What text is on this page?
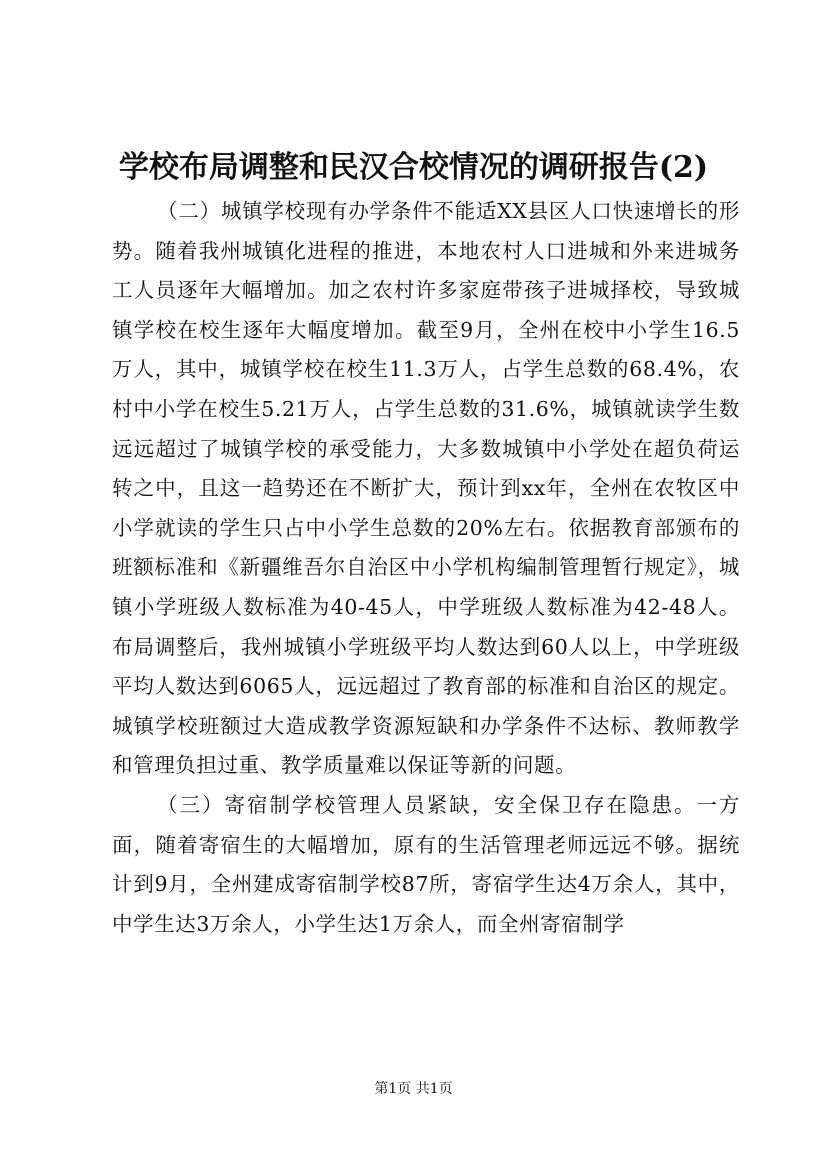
学校布局调整和民汉合校情况的调研报告(2)

（二）城镇学校现有办学条件不能适XX县区人口快速增长的形势。随着我州城镇化进程的推进，本地农村人口进城和外来进城务工人员逐年大幅增加。加之农村许多家庭带孩子进城择校，导致城镇学校在校生逐年大幅度增加。截至9月，全州在校中小学生16.5万人，其中，城镇学校在校生11.3万人，占学生总数的68.4%，农村中小学在校生5.21万人，占学生总数的31.6%，城镇就读学生数远远超过了城镇学校的承受能力，大多数城镇中小学处在超负荷运转之中，且这一趋势还在不断扩大，预计到xx年，全州在农牧区中小学就读的学生只占中小学生总数的20%左右。依据教育部颁布的班额标准和《新疆维吾尔自治区中小学机构编制管理暂行规定》，城镇小学班级人数标准为40-45人，中学班级人数标准为42-48人。布局调整后，我州城镇小学班级平均人数达到60人以上，中学班级平均人数达到6065人，远远超过了教育部的标准和自治区的规定。城镇学校班额过大造成教学资源短缺和办学条件不达标、教师教学和管理负担过重、教学质量难以保证等新的问题。

（三）寄宿制学校管理人员紧缺，安全保卫存在隐患。一方面，随着寄宿生的大幅增加，原有的生活管理老师远远不够。据统计到9月，全州建成寄宿制学校87所，寄宿学生达4万余人，其中，中学生达3万余人，小学生达1万余人，而全州寄宿制学

第1页 共1页
